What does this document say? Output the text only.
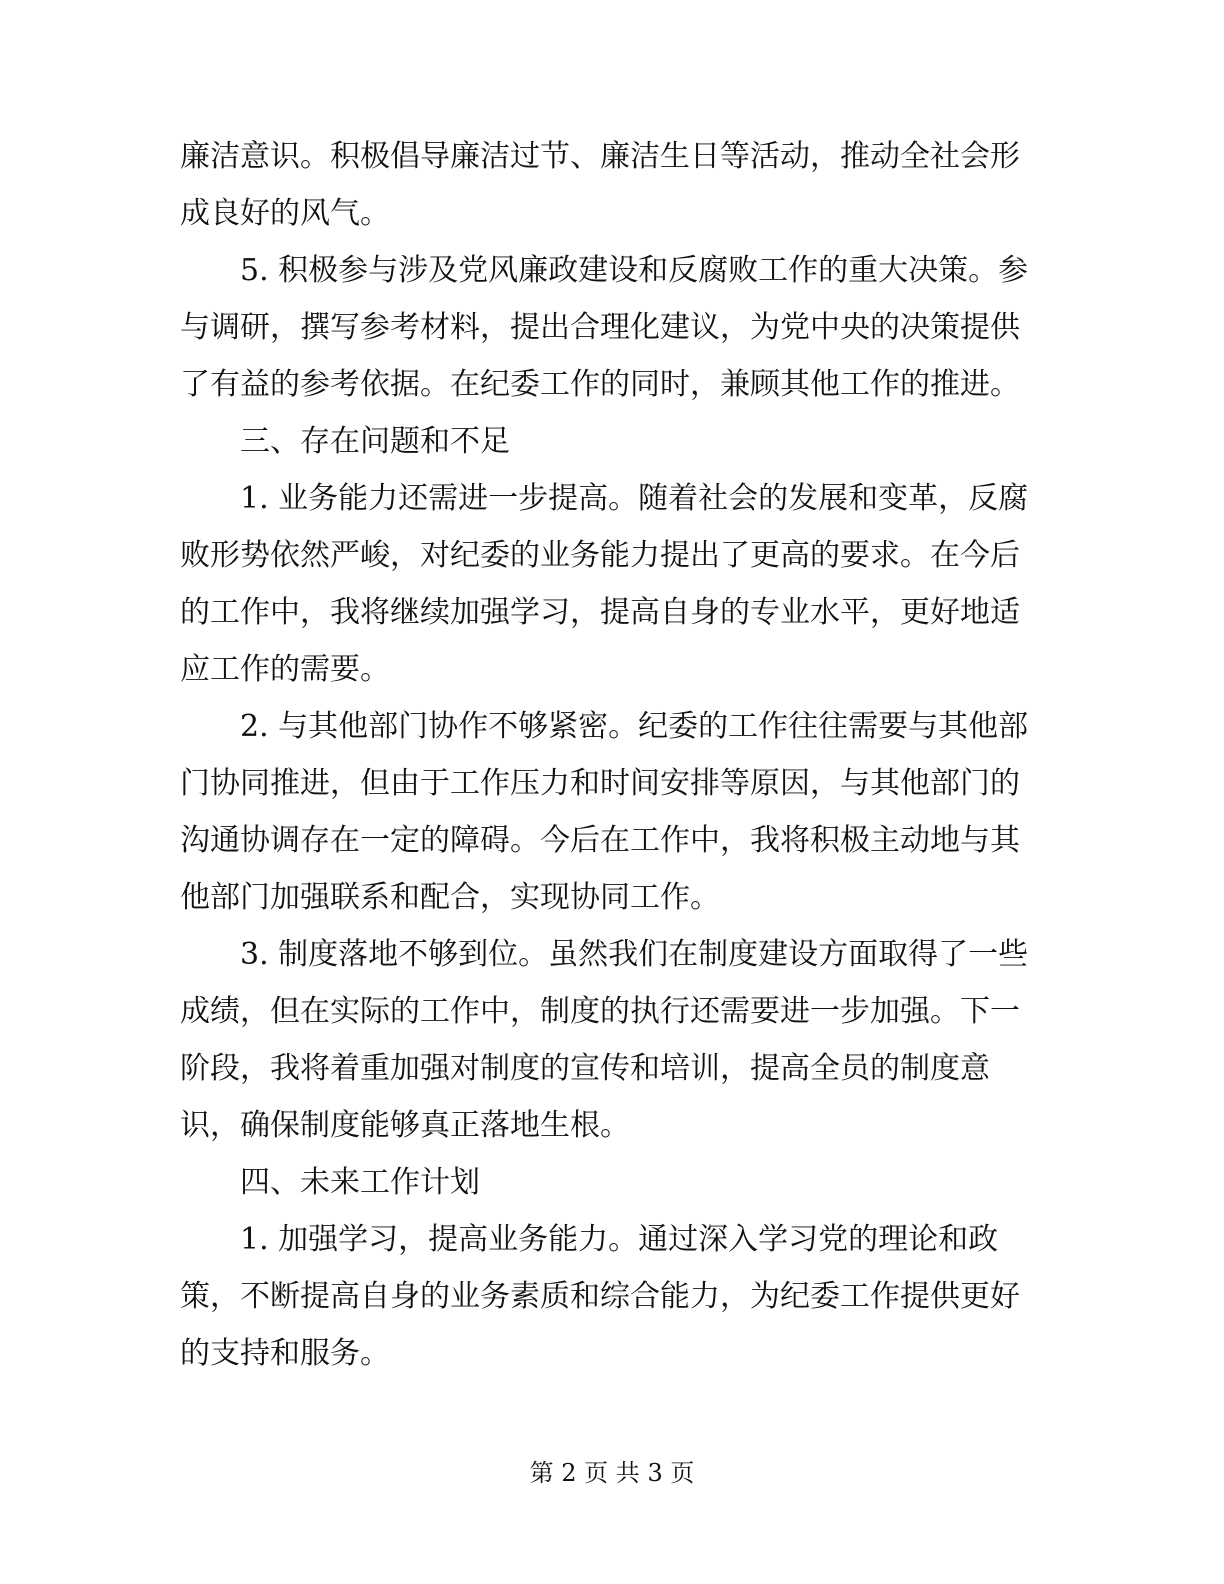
廉洁意识。积极倡导廉洁过节、廉洁生日等活动，推动全社会形
成良好的风气。
5. 积极参与涉及党风廉政建设和反腐败工作的重大决策。参
与调研，撰写参考材料，提出合理化建议，为党中央的决策提供
了有益的参考依据。在纪委工作的同时，兼顾其他工作的推进。
三、存在问题和不足
1. 业务能力还需进一步提高。随着社会的发展和变革，反腐
败形势依然严峻，对纪委的业务能力提出了更高的要求。在今后
的工作中，我将继续加强学习，提高自身的专业水平，更好地适
应工作的需要。
2. 与其他部门协作不够紧密。纪委的工作往往需要与其他部
门协同推进，但由于工作压力和时间安排等原因，与其他部门的
沟通协调存在一定的障碍。今后在工作中，我将积极主动地与其
他部门加强联系和配合，实现协同工作。
3. 制度落地不够到位。虽然我们在制度建设方面取得了一些
成绩，但在实际的工作中，制度的执行还需要进一步加强。下一
阶段，我将着重加强对制度的宣传和培训，提高全员的制度意
识，确保制度能够真正落地生根。
四、未来工作计划
1. 加强学习，提高业务能力。通过深入学习党的理论和政
策，不断提高自身的业务素质和综合能力，为纪委工作提供更好
的支持和服务。
第 2 页 共 3 页
